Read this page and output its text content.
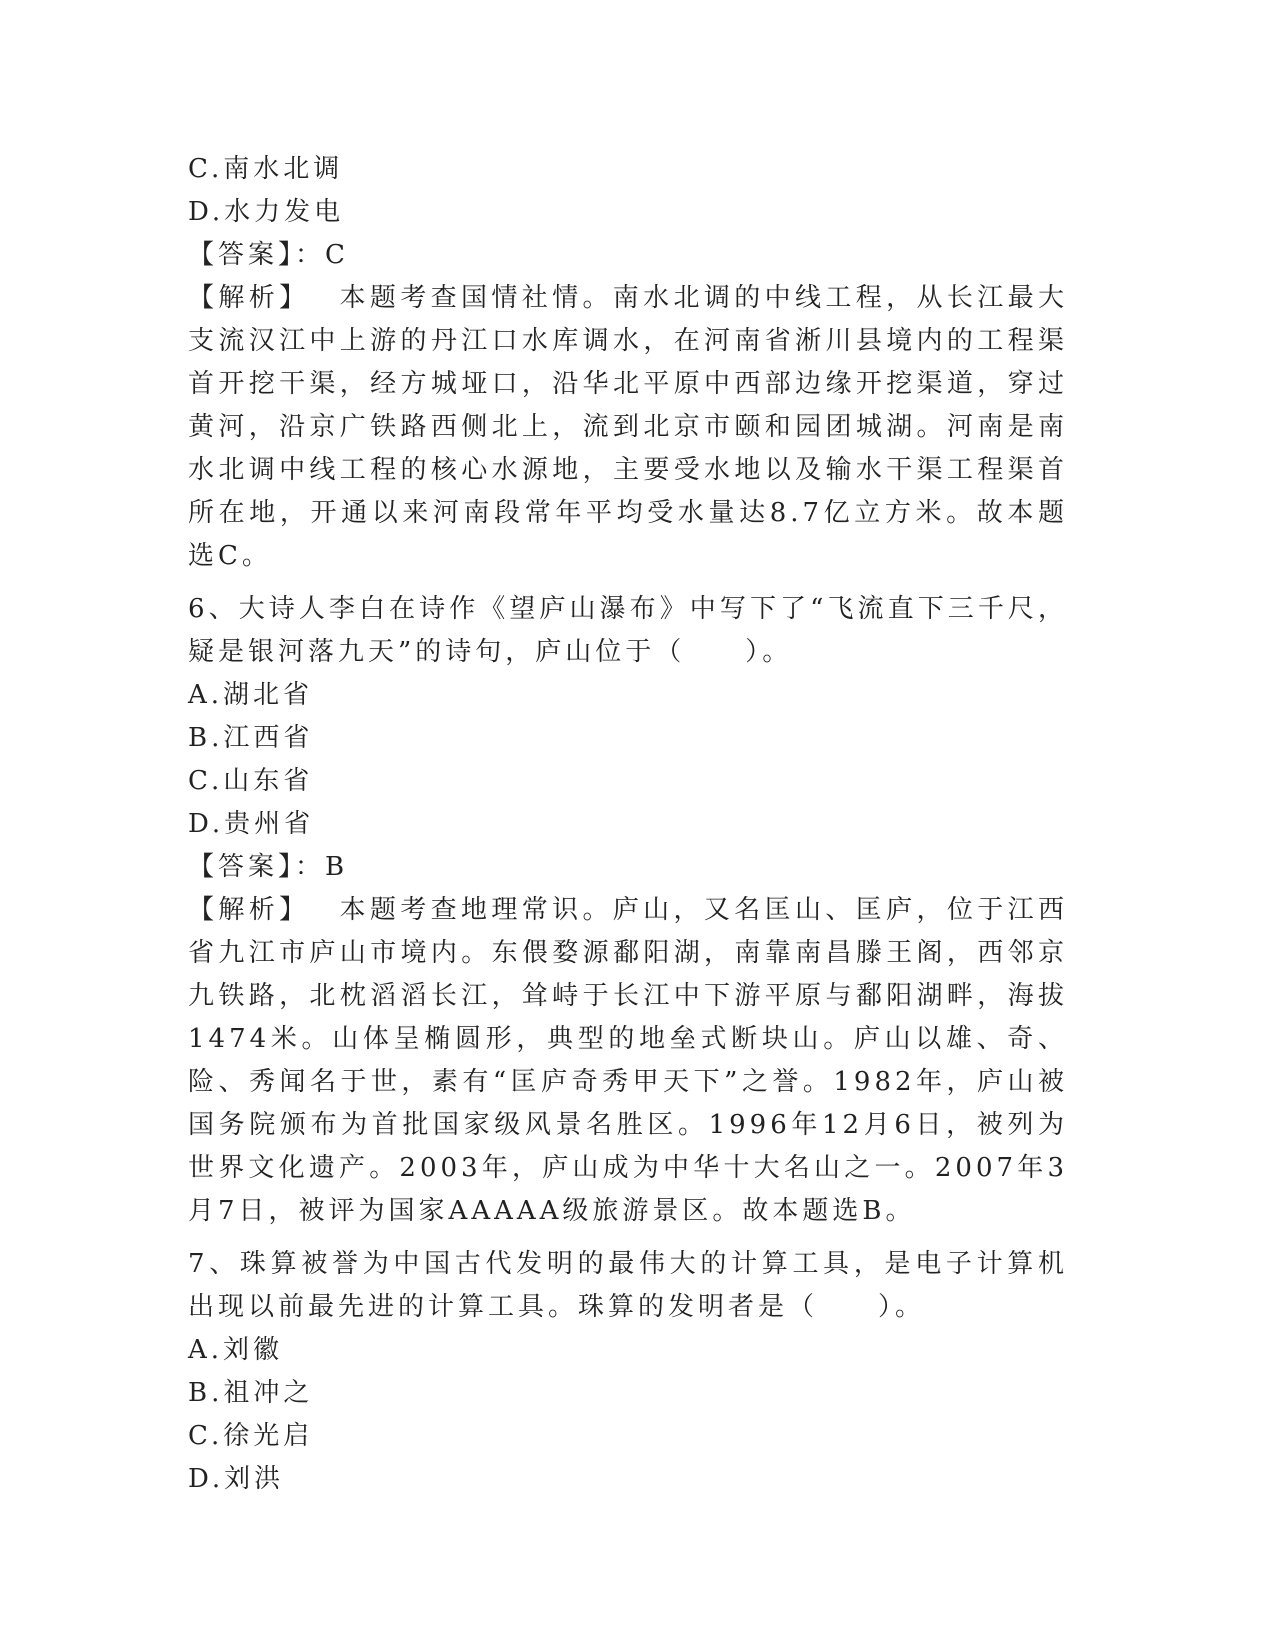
C.南水北调
D.水力发电
【答案】：C
【解析】 本题考查国情社情。南水北调的中线工程，从长江最大支流汉江中上游的丹江口水库调水，在河南省淅川县境内的工程渠首开挖干渠，经方城垭口，沿华北平原中西部边缘开挖渠道，穿过黄河，沿京广铁路西侧北上，流到北京市颐和园团城湖。河南是南水北调中线工程的核心水源地，主要受水地以及输水干渠工程渠首所在地，开通以来河南段常年平均受水量达8.7亿立方米。故本题选C。
6、大诗人李白在诗作《望庐山瀑布》中写下了“飞流直下三千尺，疑是银河落九天”的诗句，庐山位于（　　）。
A.湖北省
B.江西省
C.山东省
D.贵州省
【答案】：B
【解析】 本题考查地理常识。庐山，又名匡山、匡庐，位于江西省九江市庐山市境内。东偎婺源鄱阳湖，南靠南昌滕王阁，西邻京九铁路，北枕滔滔长江，耸峙于长江中下游平原与鄱阳湖畔，海拔1474米。山体呈椭圆形，典型的地垒式断块山。庐山以雄、奇、险、秀闻名于世，素有“匡庐奇秀甲天下”之誉。1982年，庐山被国务院颁布为首批国家级风景名胜区。1996年12月6日，被列为世界文化遗产。2003年，庐山成为中华十大名山之一。2007年3月7日，被评为国家AAAAA级旅游景区。故本题选B。
7、珠算被誉为中国古代发明的最伟大的计算工具，是电子计算机出现以前最先进的计算工具。珠算的发明者是（　　）。
A.刘徽
B.祖冲之
C.徐光启
D.刘洪
